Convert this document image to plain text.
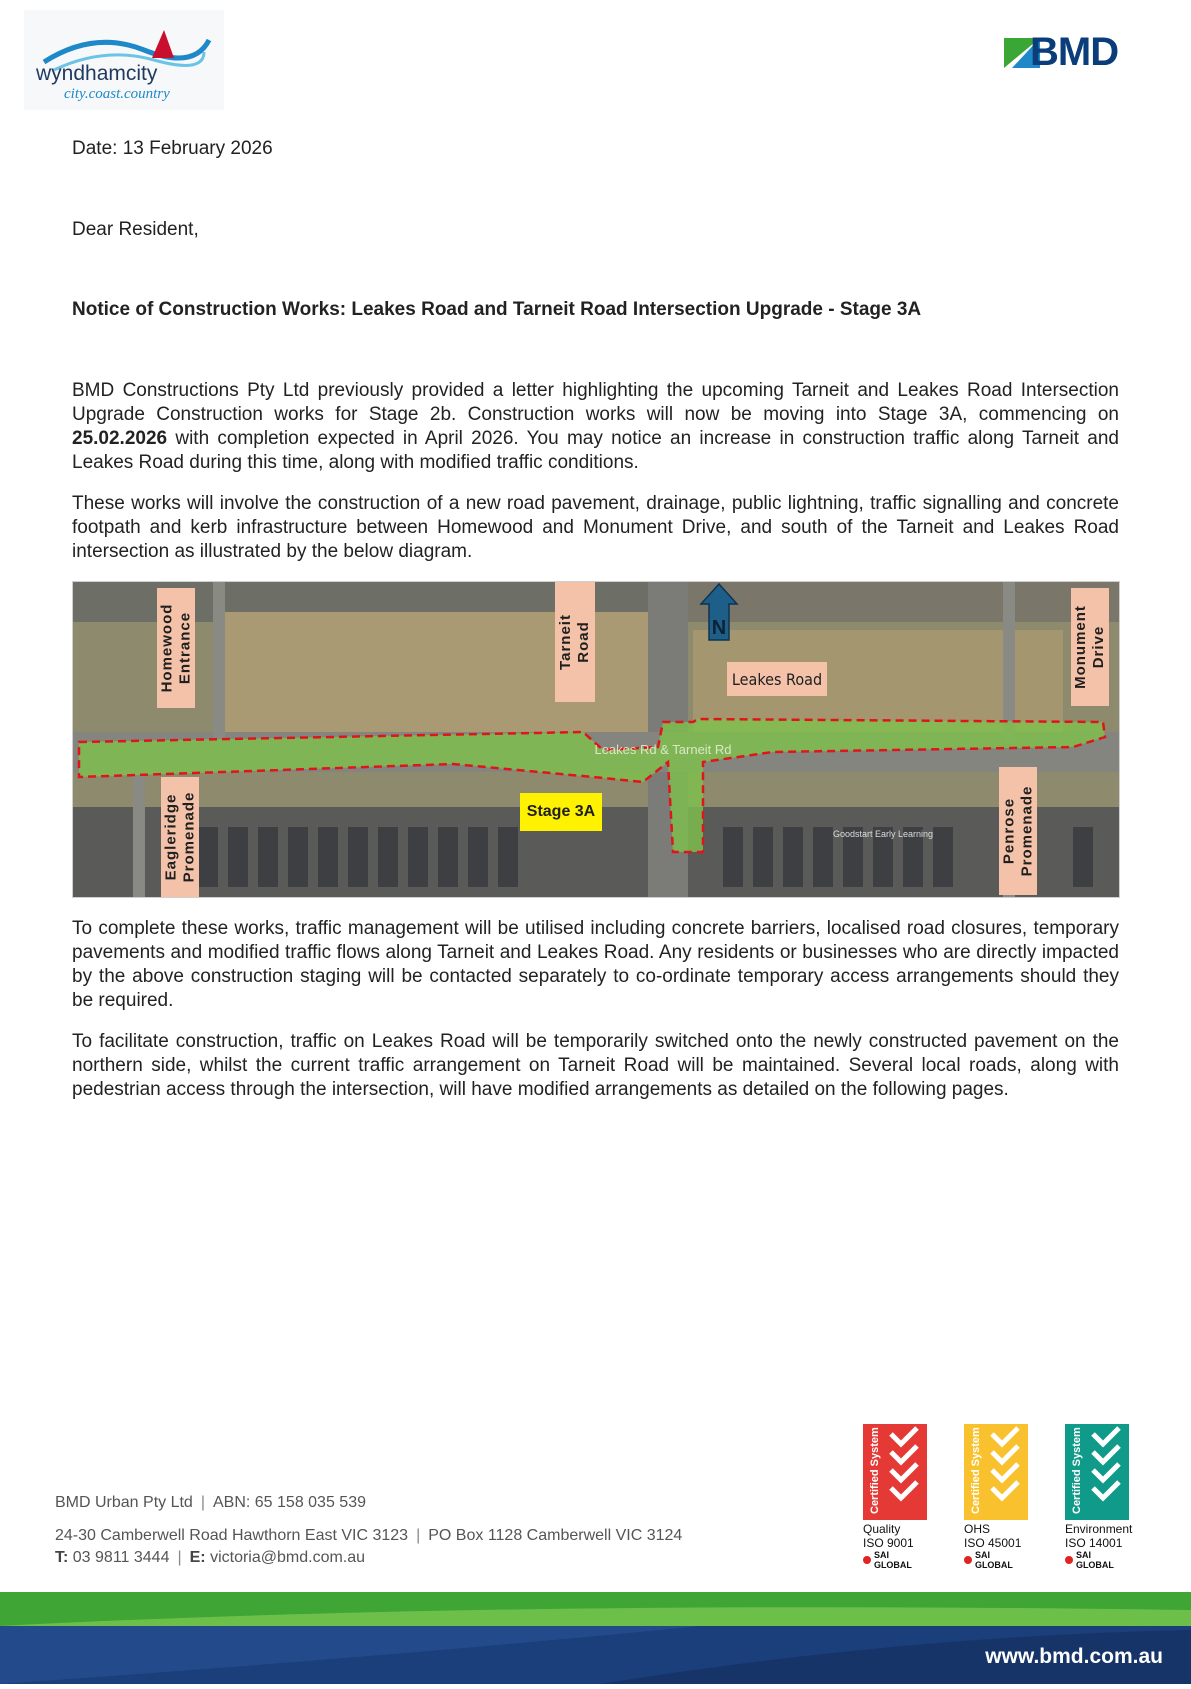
wyndhamcity
city.coast.country
BMD
Date: 13 February 2026
Dear Resident,
Notice of Construction Works: Leakes Road and Tarneit Road Intersection Upgrade - Stage 3A
BMD Constructions Pty Ltd previously provided a letter highlighting the upcoming Tarneit and Leakes Road Intersection Upgrade Construction works for Stage 2b. Construction works will now be moving into Stage 3A, commencing on 25.02.2026 with completion expected in April 2026. You may notice an increase in construction traffic along Tarneit and Leakes Road during this time, along with modified traffic conditions.
These works will involve the construction of a new road pavement, drainage, public lightning, traffic signalling and concrete footpath and kerb infrastructure between Homewood and Monument Drive, and south of the Tarneit and Leakes Road intersection as illustrated by the below diagram.
N
Leakes Rd & Tarneit Rd
Goodstart Early Learning
Homewood
Entrance	Tarneit
Road
Leakes Road	Monument
Drive
Eagleridge
Promenade	Penrose
Promenade
Stage 3A
To complete these works, traffic management will be utilised including concrete barriers, localised road closures, temporary pavements and modified traffic flows along Tarneit and Leakes Road. Any residents or businesses who are directly impacted by the above construction staging will be contacted separately to co-ordinate temporary access arrangements should they be required.
To facilitate construction, traffic on Leakes Road will be temporarily switched onto the newly constructed pavement on the northern side, whilst the current traffic arrangement on Tarneit Road will be maintained. Several local roads, along with pedestrian access through the intersection, will have modified arrangements as detailed on the following pages.
BMD Urban Pty Ltd | ABN: 65 158 035 539
24-30 Camberwell Road Hawthorn East VIC 3123 | PO Box 1128 Camberwell VIC 3124
T: 03 9811 3444 | E: victoria@bmd.com.au
Certified System
Quality
ISO 9001
SAI GLOBAL
Certified System
OHS
ISO 45001
SAI GLOBAL
Certified System
Environment
ISO 14001
SAI GLOBAL
www.bmd.com.au
